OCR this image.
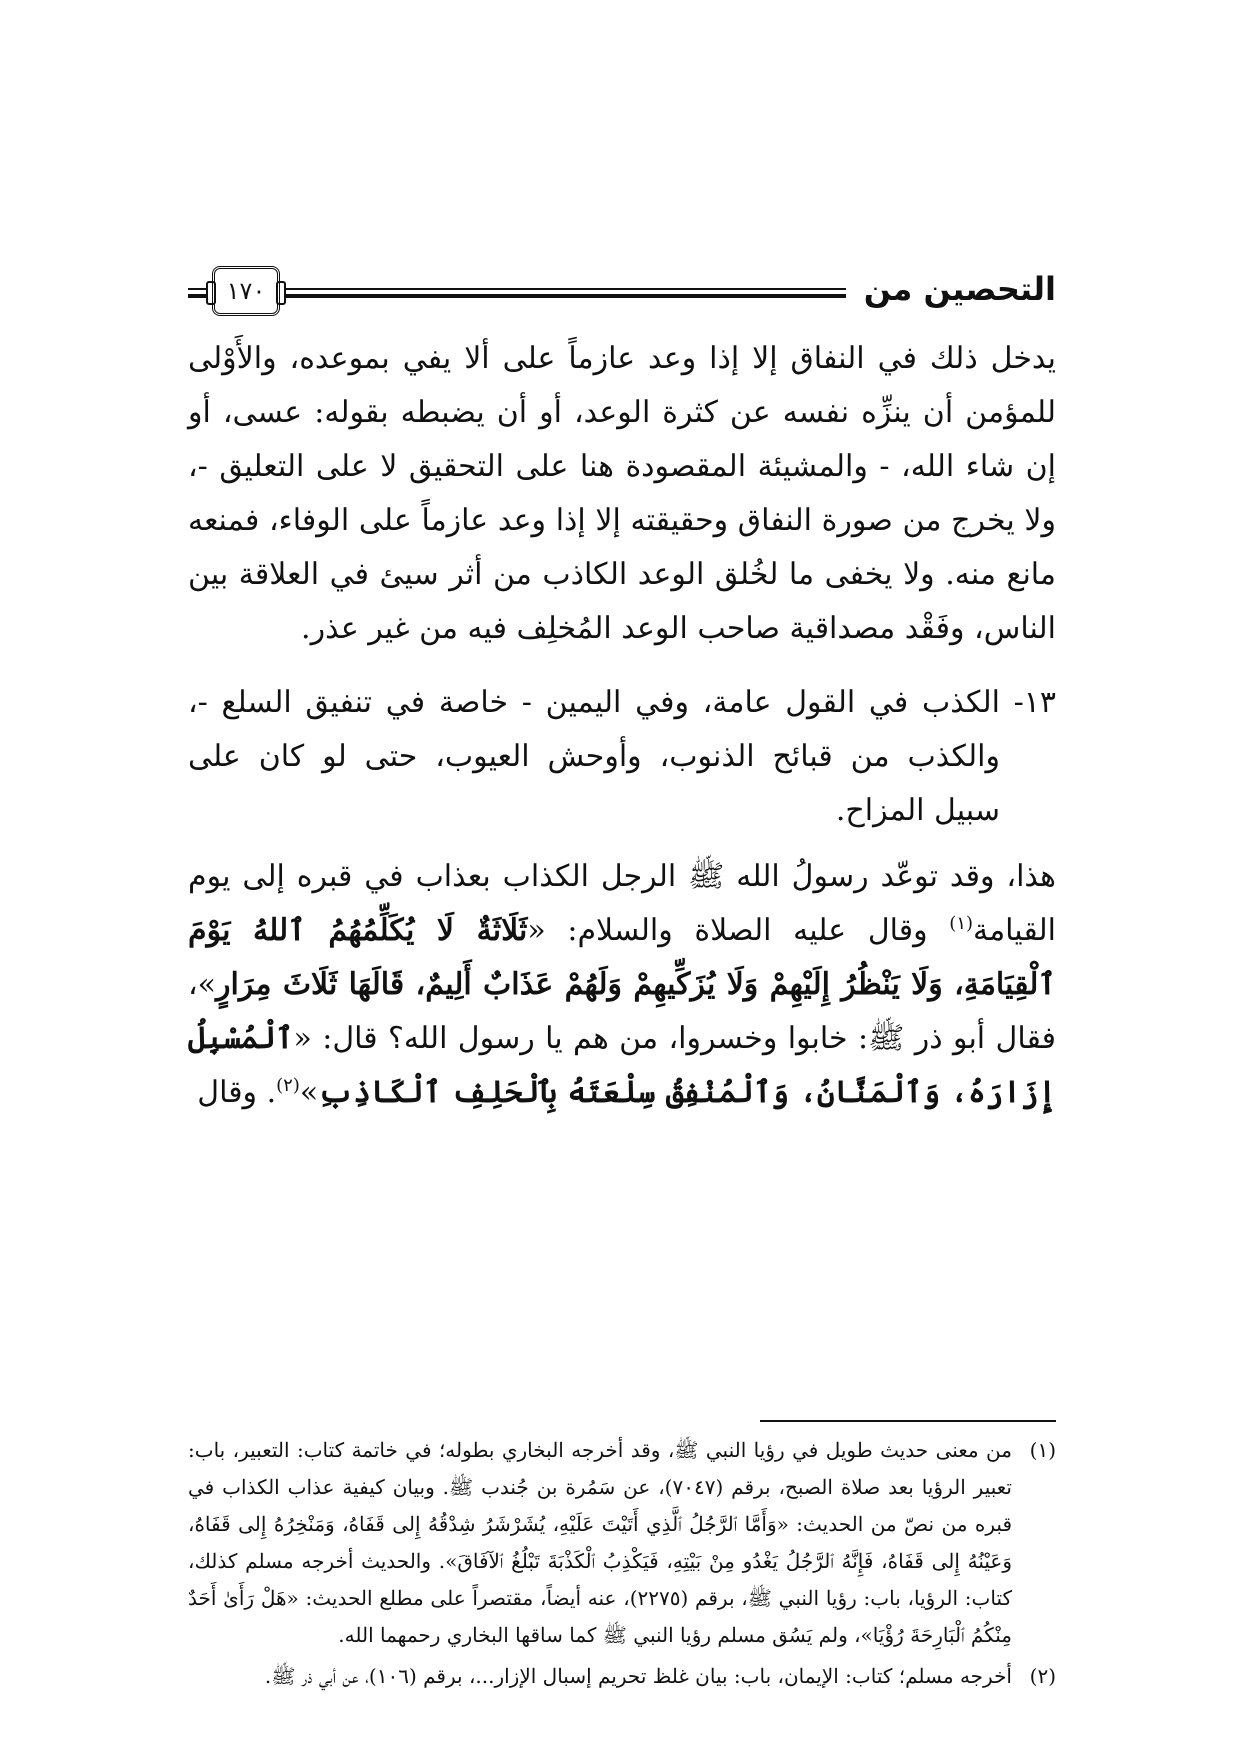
١٧٠	التحصين من

يدخل ذلك في النفاق إلا إذا وعد عازماً على ألا يفي بموعده، والأَوْلى للمؤمن أن ينزِّه نفسه عن كثرة الوعد، أو أن يضبطه بقوله: عسى، أو إن شاء الله، - والمشيئة المقصودة هنا على التحقيق لا على التعليق -، ولا يخرج من صورة النفاق وحقيقته إلا إذا وعد عازماً على الوفاء، فمنعه مانع منه. ولا يخفى ما لخُلق الوعد الكاذب من أثر سيئ في العلاقة بين الناس، وفَقْد مصداقية صاحب الوعد المُخلِف فيه من غير عذر.

١٣-

الكذب في القول عامة، وفي اليمين - خاصة في تنفيق السلع -، والكذب من قبائح الذنوب، وأوحش العيوب، حتى لو كان على سبيل المزاح.

هذا، وقد توعّد رسولُ الله ﷺ الرجل الكذاب بعذاب في قبره إلى يوم القيامة$^{(١)}$ وقال عليه الصلاة والسلام: «ثَلَاثَةٌ لَا يُكَلِّمُهُمُ ٱللهُ يَوْمَ ٱلْقِيَامَةِ، وَلَا يَنْظُرُ إِلَيْهِمْ وَلَا يُزَكِّيهِمْ وَلَهُمْ عَذَابٌ أَلِيمٌ، قَالَهَا ثَلَاثَ مِرَارٍ»، فقال أبو ذر ﷺ: خابوا وخسروا، من هم يا رسول الله؟ قال: «ٱلْمُسْبِلُ إِزَارَهُ، وَٱلْمَنَّانُ، وَٱلْمُنْفِقُ سِلْعَتَهُ بِٱلْحَلِفِ ٱلْكَاذِبِ»$^{(٢)}$. وقال

(١)
من معنى حديث طويل في رؤيا النبي ﷺ، وقد أخرجه البخاري بطوله؛ في خاتمة كتاب: التعبير، باب: تعبير الرؤيا بعد صلاة الصبح، برقم (٧٠٤٧)، عن سَمُرة بن جُندب ﷺ. وبيان كيفية عذاب الكذاب في قبره من نصّ من الحديث: «وَأَمَّا ٱلرَّجُلُ ٱلَّذِي أَتَيْتَ عَلَيْهِ، يُشَرْشَرُ شِدْقُهُ إِلى قَفَاهُ، وَمَنْخِرُهُ إِلى قَفَاهُ، وَعَيْنُهُ إِلى قَفَاهُ، فَإِنَّهُ ٱلرَّجُلُ يَغْدُو مِنْ بَيْتِهِ، فَيَكْذِبُ ٱلْكَذْبَةَ تَبْلُغُ ٱلآفَاقَ». والحديث أخرجه مسلم كذلك، كتاب: الرؤيا، باب: رؤيا النبي ﷺ، برقم (٢٢٧٥)، عنه أيضاً، مقتصراً على مطلع الحديث: «هَلْ رَأَىٰ أَحَدٌ مِنْكُمُ ٱلْبَارِحَةَ رُؤْيَا»، ولم يَسُق مسلم رؤيا النبي ﷺ كما ساقها البخاري رحمهما الله.
(٢)
أخرجه مسلم؛ كتاب: الإيمان، باب: بيان غلظ تحريم إسبال الإزار...، برقم (١٠٦)، عن أبي ذر ﷺ.
